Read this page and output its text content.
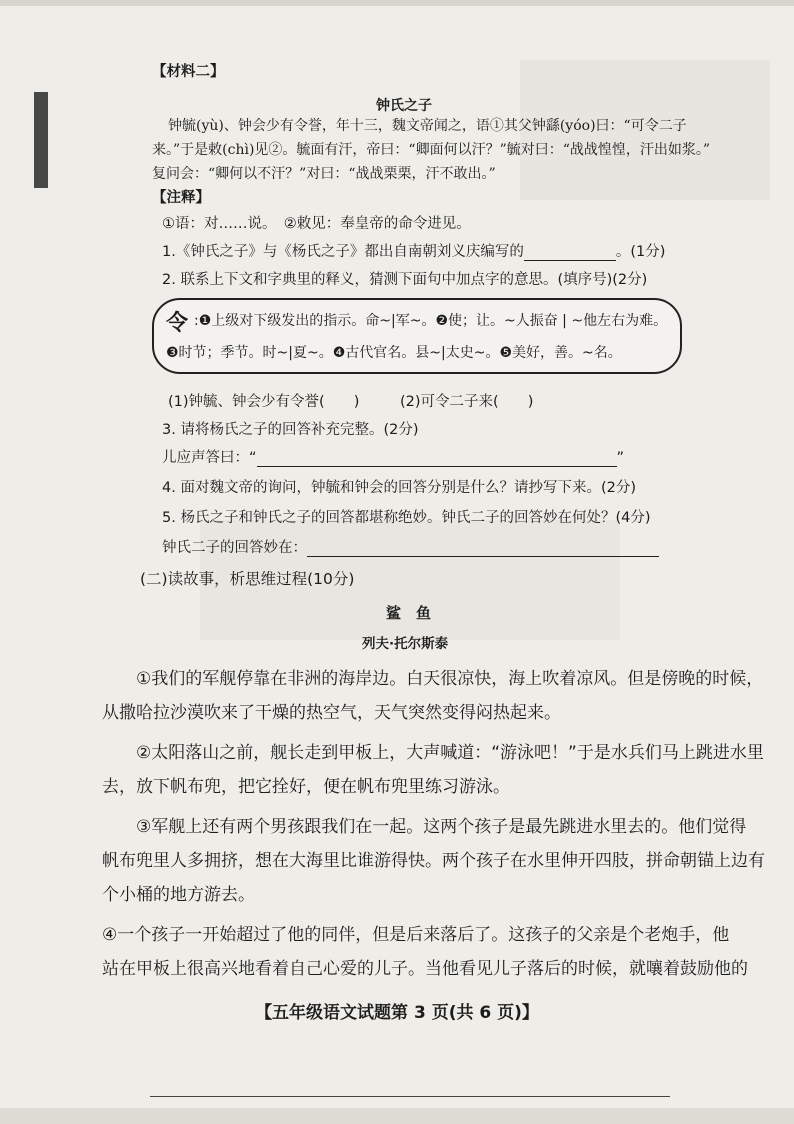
【材料二】
钟氏之子
钟毓(yù)、钟会少有令誉，年十三，魏文帝闻之，语①其父钟繇(yóo)曰：“可令二子
来。”于是敕(chì)见②。毓面有汗，帝曰：“卿面何以汗？”毓对曰：“战战惶惶，汗出如浆。”
复问会：“卿何以不汗？”对曰：“战战栗栗，汗不敢出。”
【注释】
①语：对……说。　②敕见：奉皇帝的命令进见。
1.《钟氏之子》与《杨氏之子》都出自南朝刘义庆编写的	。(1分)
2. 联系上下文和字典里的释义，猜测下面句中加点字的意思。(填序号)(2分)
令 :❶上级对下级发出的指示。命~|军~。❷使；让。~人振奋 | ~他左右为难。
❸时节；季节。时~|夏~。❹古代官名。县~|太史~。❺美好，善。~名。
(1)钟毓、钟会少有令誉(　　)	(2)可令二子来(　　)
3. 请将杨氏之子的回答补充完整。(2分)
儿应声答曰：“	”
4. 面对魏文帝的询问，钟毓和钟会的回答分别是什么？请抄写下来。(2分)
5. 杨氏之子和钟氏之子的回答都堪称绝妙。钟氏二子的回答妙在何处？(4分)
钟氏二子的回答妙在：
(二)读故事，析思维过程(10分)
鲨　鱼
列夫·托尔斯泰
①我们的军舰停靠在非洲的海岸边。白天很凉快，海上吹着凉风。但是傍晚的时候，
从撒哈拉沙漠吹来了干燥的热空气，天气突然变得闷热起来。
②太阳落山之前，舰长走到甲板上，大声喊道：“游泳吧！”于是水兵们马上跳进水里
去，放下帆布兜，把它拴好，便在帆布兜里练习游泳。
③军舰上还有两个男孩跟我们在一起。这两个孩子是最先跳进水里去的。他们觉得
帆布兜里人多拥挤，想在大海里比谁游得快。两个孩子在水里伸开四肢，拼命朝锚上边有
个小桶的地方游去。
④一个孩子一开始超过了他的同伴，但是后来落后了。这孩子的父亲是个老炮手，他
站在甲板上很高兴地看着自己心爱的儿子。当他看见儿子落后的时候，就嚷着鼓励他的
【五年级语文试题第 3 页(共 6 页)】
